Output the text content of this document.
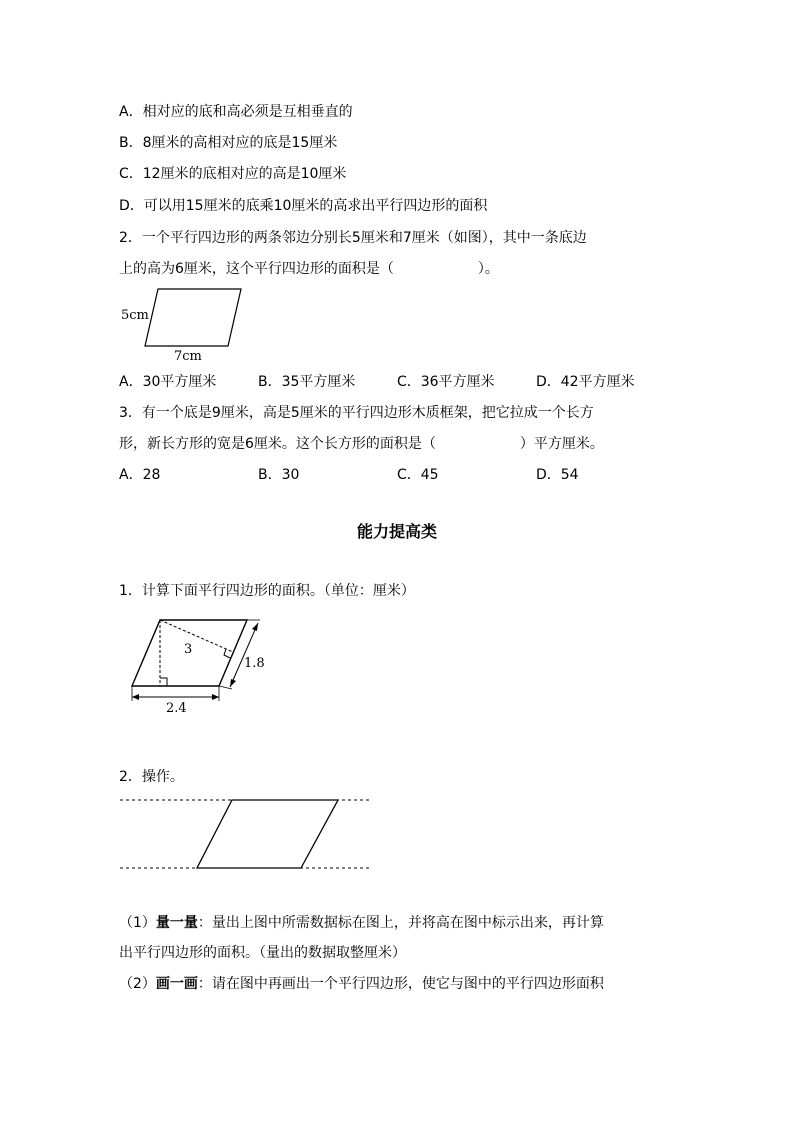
A．相对应的底和高必须是互相垂直的
B．8厘米的高相对应的底是15厘米
C．12厘米的底相对应的高是10厘米
D．可以用15厘米的底乘10厘米的高求出平行四边形的面积
2．一个平行四边形的两条邻边分别长5厘米和7厘米（如图），其中一条底边
上的高为6厘米，这个平行四边形的面积是（　　　　　　）。
5cm
7cm
A．30平方厘米	B．35平方厘米	C．36平方厘米	D．42平方厘米
3．有一个底是9厘米，高是5厘米的平行四边形木质框架，把它拉成一个长方
形，新长方形的宽是6厘米。这个长方形的面积是（　　　　　　）平方厘米。
A．28	B．30	C．45	D．54
能力提高类
1．计算下面平行四边形的面积。（单位：厘米）
3
1.8
2.4
2．操作。
（1）量一量：量出上图中所需数据标在图上，并将高在图中标示出来，再计算
出平行四边形的面积。（量出的数据取整厘米）
（2）画一画：请在图中再画出一个平行四边形，使它与图中的平行四边形面积
